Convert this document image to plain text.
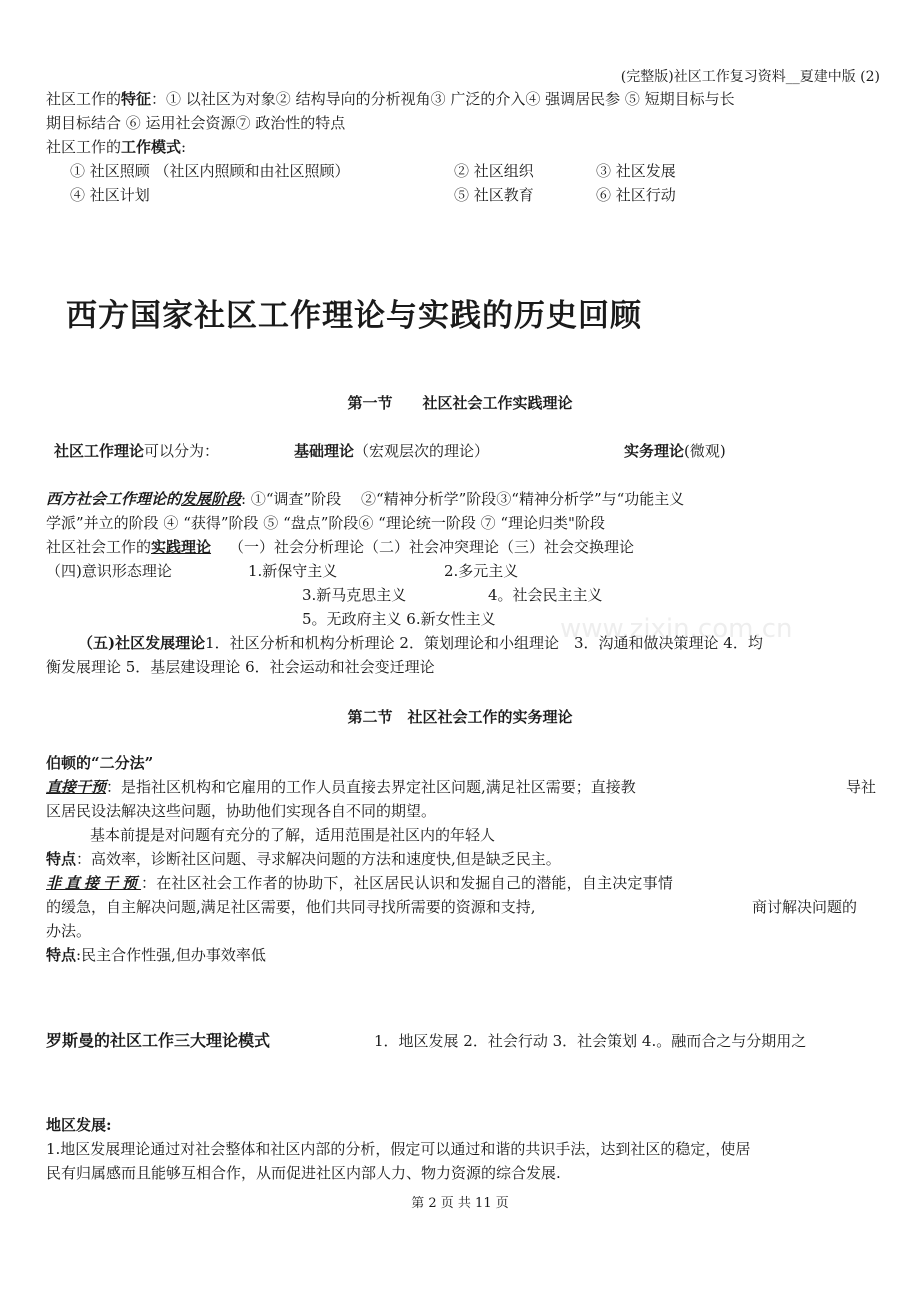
(完整版)社区工作复习资料__夏建中版 (2)
社区工作的特征：① 以社区为对象② 结构导向的分析视角③ 广泛的介入④ 强调居民参 ⑤ 短期目标与长
期目标结合 ⑥ 运用社会资源⑦ 政治性的特点
社区工作的工作模式:
① 社区照顾 （社区内照顾和由社区照顾）	② 社区组织	③ 社区发展
④ 社区计划	⑤ 社区教育	⑥ 社区行动
西方国家社区工作理论与实践的历史回顾
第一节　　社区社会工作实践理论
社区工作理论可以分为：	基础理论（宏观层次的理论）	实务理论(微观)
西方社会工作理论的发展阶段: ①“调查”阶段　 ②“精神分析学”阶段③“精神分析学”与“功能主义
学派”并立的阶段 ④ “获得”阶段 ⑤ “盘点”阶段⑥ “理论统一阶段 ⑦ “理论归类"阶段
社区社会工作的实践理论 （一）社会分析理论（二）社会冲突理论（三）社会交换理论
（四)意识形态理论	1.新保守主义	2.多元主义
3.新马克思主义	4。社会民主主义
5。无政府主义 6.新女性主义 www.zixin.com.cn
（五)社区发展理论1．社区分析和机构分析理论 2．策划理论和小组理论　3．沟通和做决策理论 4．均
衡发展理论 5．基层建设理论 6．社会运动和社会变迁理论
第二节　社区社会工作的实务理论
伯顿的“二分法”
直接干预：是指社区机构和它雇用的工作人员直接去界定社区问题,满足社区需要；直接教	导社
区居民设法解决这些问题，协助他们实现各自不同的期望。
基本前提是对问题有充分的了解，适用范围是社区内的年轻人
特点：高效率，诊断社区问题、寻求解决问题的方法和速度快,但是缺乏民主。
非直接干预：在社区社会工作者的协助下，社区居民认识和发掘自己的潜能，自主决定事情
的缓急，自主解决问题,满足社区需要，他们共同寻找所需要的资源和支持,	商讨解决问题的
办法。
特点:民主合作性强,但办事效率低
罗斯曼的社区工作三大理论模式	1．地区发展 2．社会行动 3．社会策划 4.。融而合之与分期用之
地区发展:
1.地区发展理论通过对社会整体和社区内部的分析，假定可以通过和谐的共识手法，达到社区的稳定，使居
民有归属感而且能够互相合作，从而促进社区内部人力、物力资源的综合发展.
第 2 页 共 11 页
